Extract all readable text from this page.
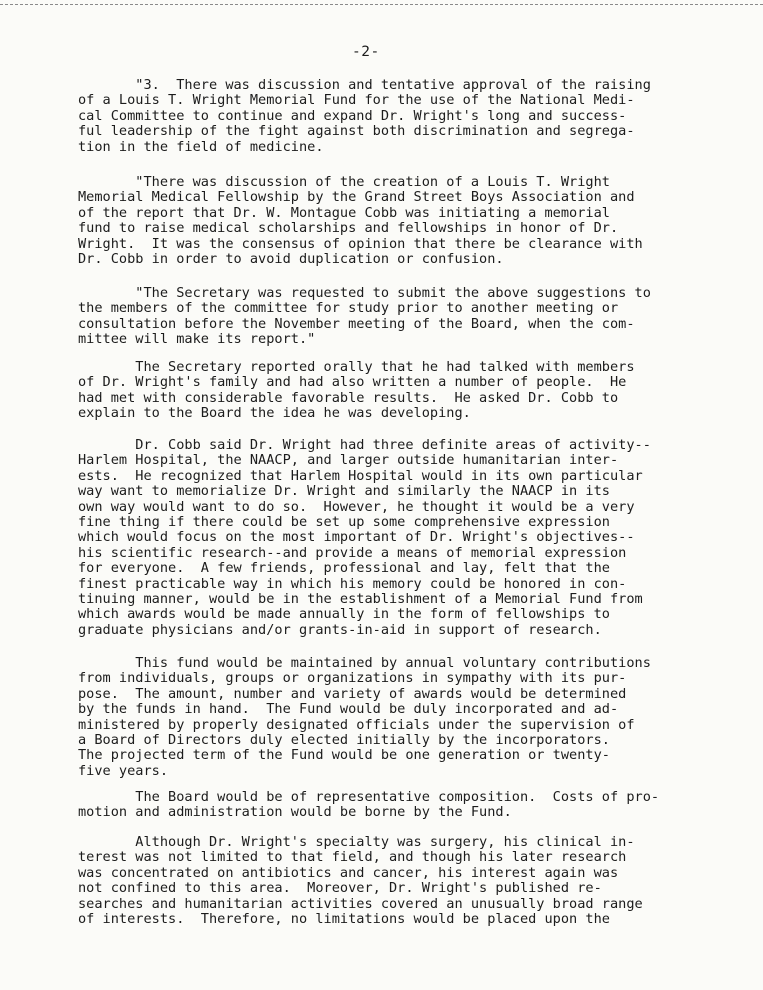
-2-

"3.  There was discussion and tentative approval of the raising
of a Louis T. Wright Memorial Fund for the use of the National Medi-
cal Committee to continue and expand Dr. Wright's long and success-
ful leadership of the fight against both discrimination and segrega-
tion in the field of medicine.

"There was discussion of the creation of a Louis T. Wright
Memorial Medical Fellowship by the Grand Street Boys Association and
of the report that Dr. W. Montague Cobb was initiating a memorial
fund to raise medical scholarships and fellowships in honor of Dr.
Wright.  It was the consensus of opinion that there be clearance with
Dr. Cobb in order to avoid duplication or confusion.

"The Secretary was requested to submit the above suggestions to
the members of the committee for study prior to another meeting or
consultation before the November meeting of the Board, when the com-
mittee will make its report."

The Secretary reported orally that he had talked with members
of Dr. Wright's family and had also written a number of people.  He
had met with considerable favorable results.  He asked Dr. Cobb to
explain to the Board the idea he was developing.

Dr. Cobb said Dr. Wright had three definite areas of activity--
Harlem Hospital, the NAACP, and larger outside humanitarian inter-
ests.  He recognized that Harlem Hospital would in its own particular
way want to memorialize Dr. Wright and similarly the NAACP in its
own way would want to do so.  However, he thought it would be a very
fine thing if there could be set up some comprehensive expression
which would focus on the most important of Dr. Wright's objectives--
his scientific research--and provide a means of memorial expression
for everyone.  A few friends, professional and lay, felt that the
finest practicable way in which his memory could be honored in con-
tinuing manner, would be in the establishment of a Memorial Fund from
which awards would be made annually in the form of fellowships to
graduate physicians and/or grants-in-aid in support of research.

This fund would be maintained by annual voluntary contributions
from individuals, groups or organizations in sympathy with its pur-
pose.  The amount, number and variety of awards would be determined
by the funds in hand.  The Fund would be duly incorporated and ad-
ministered by properly designated officials under the supervision of
a Board of Directors duly elected initially by the incorporators.
The projected term of the Fund would be one generation or twenty-
five years.

The Board would be of representative composition.  Costs of pro-
motion and administration would be borne by the Fund.

Although Dr. Wright's specialty was surgery, his clinical in-
terest was not limited to that field, and though his later research
was concentrated on antibiotics and cancer, his interest again was
not confined to this area.  Moreover, Dr. Wright's published re-
searches and humanitarian activities covered an unusually broad range
of interests.  Therefore, no limitations would be placed upon the
